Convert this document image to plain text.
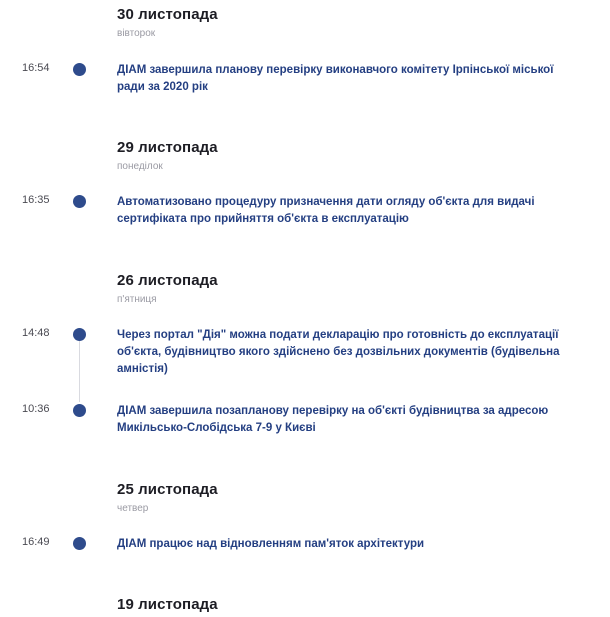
30 листопада
вівторок
16:54	ДІАМ завершила планову перевірку виконавчого комітету Ірпінської міської ради за 2020 рік
29 листопада
понеділок
16:35	Автоматизовано процедуру призначення дати огляду об'єкта для видачі сертифіката про прийняття об'єкта в експлуатацію
26 листопада
п'ятниця
14:48	Через портал "Дія" можна подати декларацію про готовність до експлуатації об'єкта, будівництво якого здійснено без дозвільних документів (будівельна амністія)
10:36	ДІАМ завершила позапланову перевірку на об'єкті будівництва за адресою Микільсько-Слобідська 7-9 у Києві
25 листопада
четвер
16:49	ДІАМ працює над відновленням пам'яток архітектури
19 листопада
